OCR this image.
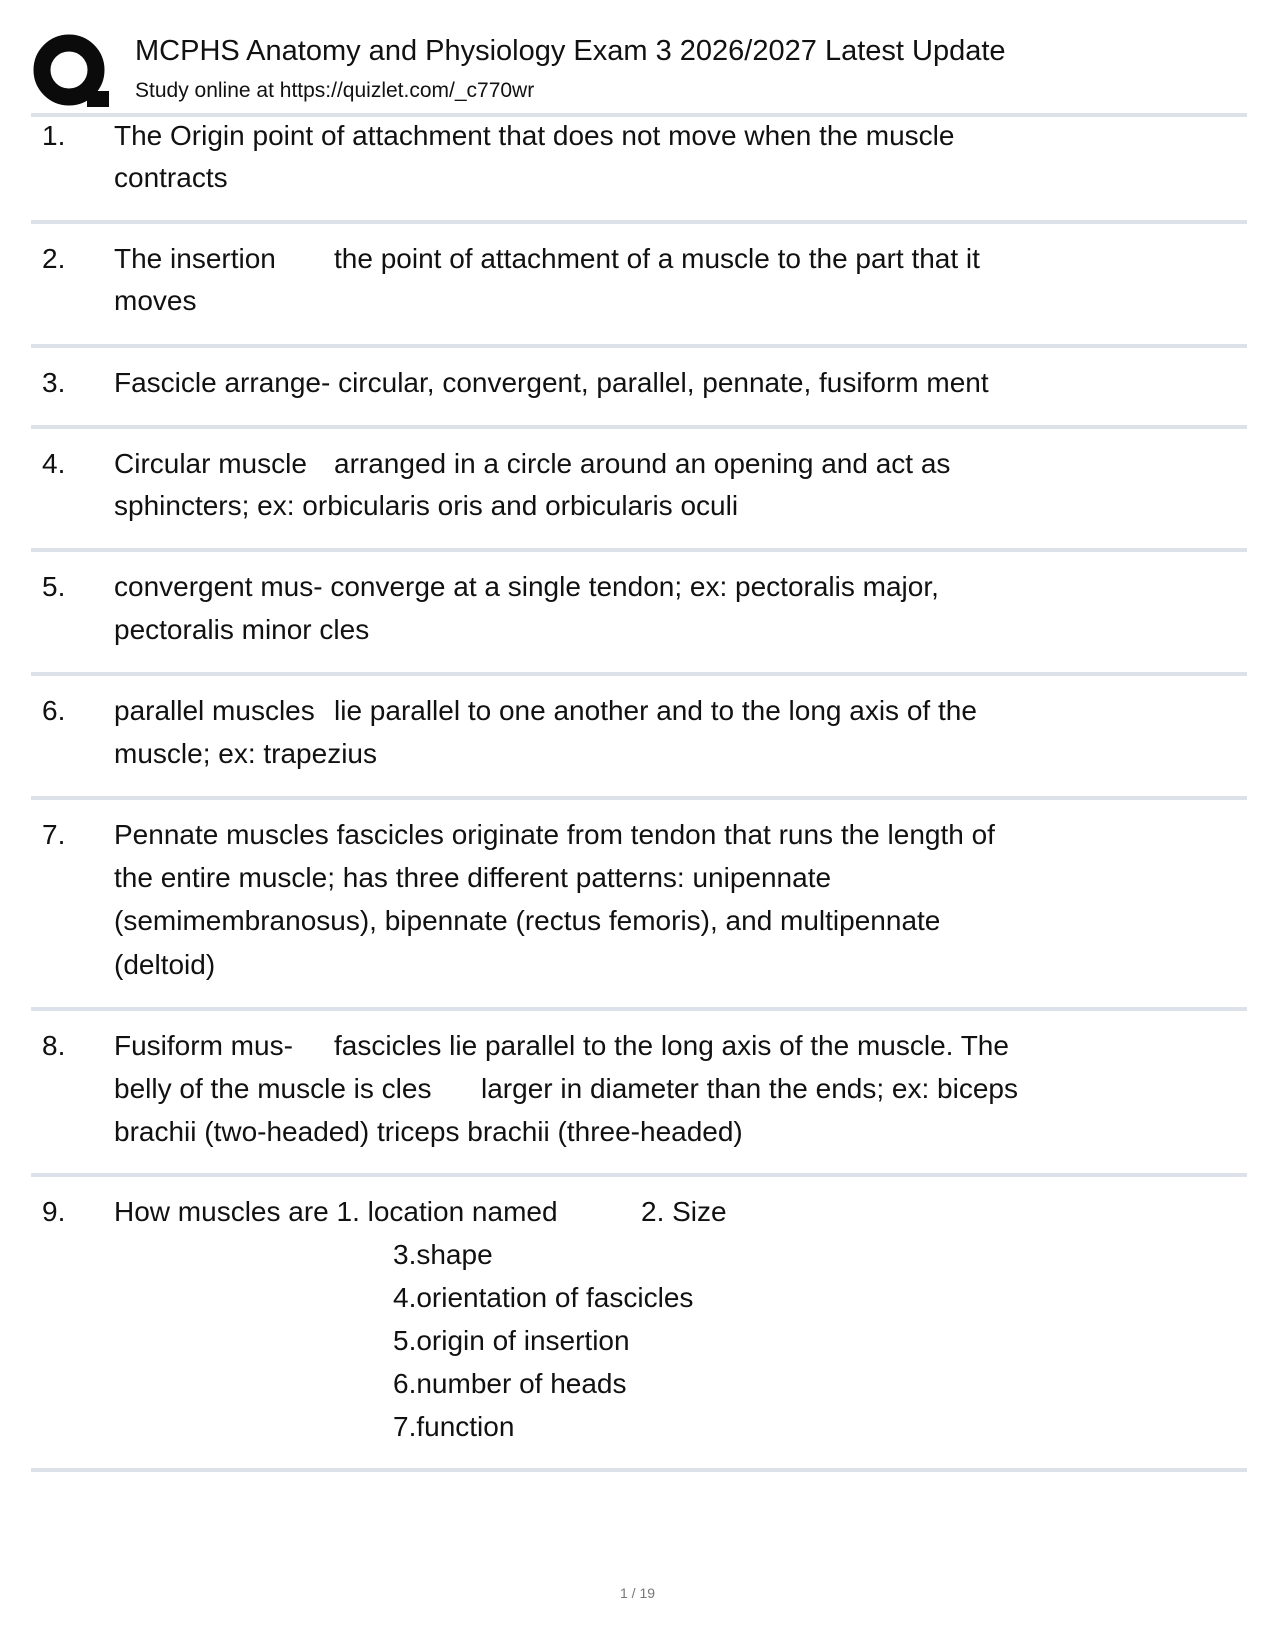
MCPHS Anatomy and Physiology Exam 3 2026/2027 Latest Update
Study online at https://quizlet.com/_c770wr
1. The Origin point of attachment that does not move when the muscle
contracts
2. The insertion the point of attachment of a muscle to the part that it
moves
3. Fascicle arrange- circular, convergent, parallel, pennate, fusiform ment
4. Circular muscle arranged in a circle around an opening and act as
sphincters; ex: orbicularis oris and orbicularis oculi
5. convergent mus- converge at a single tendon; ex: pectoralis major,
pectoralis minor cles
6. parallel muscles lie parallel to one another and to the long axis of the
muscle; ex: trapezius
7. Pennate muscles fascicles originate from tendon that runs the length of
the entire muscle; has three different patterns: unipennate
(semimembranosus), bipennate (rectus femoris), and multipennate
(deltoid)
8. Fusiform mus- fascicles lie parallel to the long axis of the muscle. The
belly of the muscle is cles larger in diameter than the ends; ex: biceps
brachii (two-headed) triceps brachii (three-headed)
9. How muscles are 1. location named	2. Size
3.shape
4.orientation of fascicles
5.origin of insertion
6.number of heads
7.function
1 / 19
